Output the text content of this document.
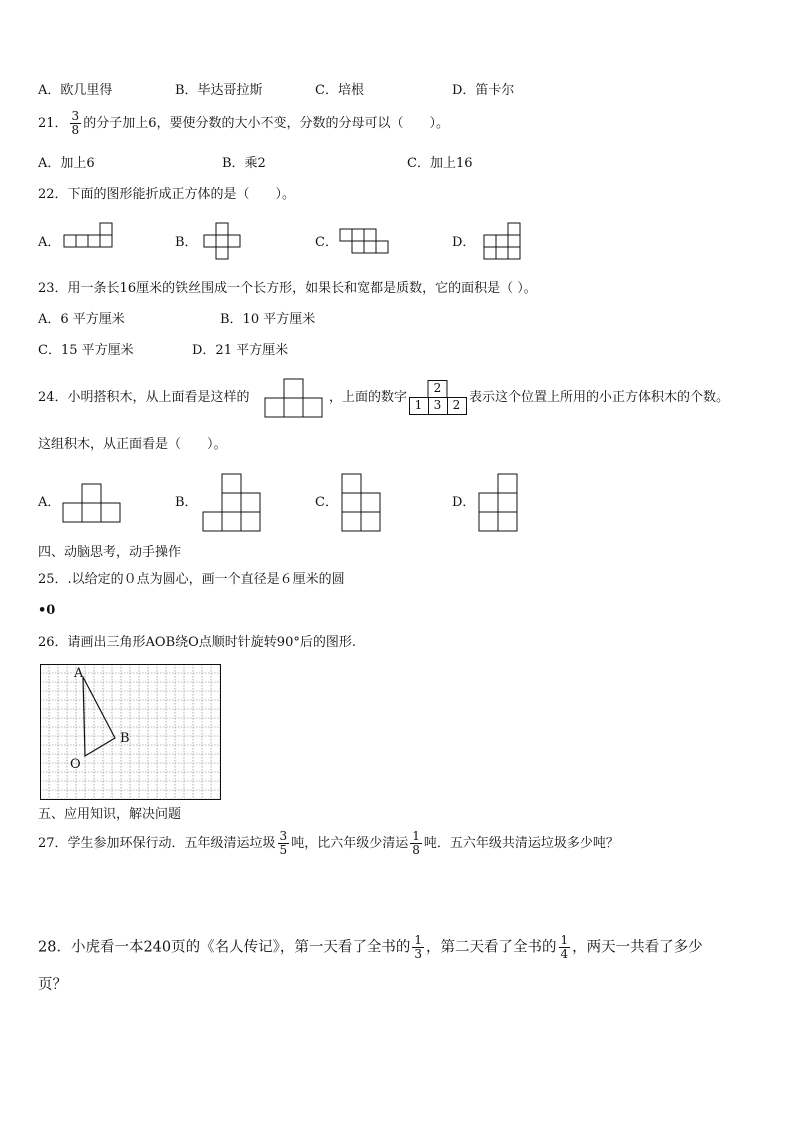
A．欧几里得	B．毕达哥拉斯	C．培根	D．笛卡尔
21． $\frac{3}{8}$ 的分子加上6，要使分数的大小不变，分数的分母可以（　　）。
A．加上6	B．乘2	C．加上16
22．下面的图形能折成正方体的是（　　）。
A．	B．	C．	D．
23．用一条长16厘米的铁丝围成一个长方形，如果长和宽都是质数，它的面积是（ ）。
A．6 平方厘米	B．10 平方厘米
C．15 平方厘米	D．21 平方厘米
24．小明搭积木，从上面看是这样的	，上面的数字
2
1 3 2 表示这个位置上所用的小正方体积木的个数。
这组积木，从正面看是（　　）。
A．	B．	C．	D．
四、动脑思考，动手操作
25．.以给定的０点为圆心，画一个直径是６厘米的圆
•0
26．请画出三角形AOB绕O点顺时针旋转90°后的图形.
A
B
O
五、应用知识，解决问题
27．学生参加环保行动．五年级清运垃圾 $\frac{3}{5}$ 吨，比六年级少清运 $\frac{1}{8}$ 吨．五六年级共清运垃圾多少吨？
28．小虎看一本240页的《名人传记》，第一天看了全书的 $\frac{1}{3}$ ，第二天看了全书的 $\frac{1}{4}$ ，两天一共看了多少
页？
